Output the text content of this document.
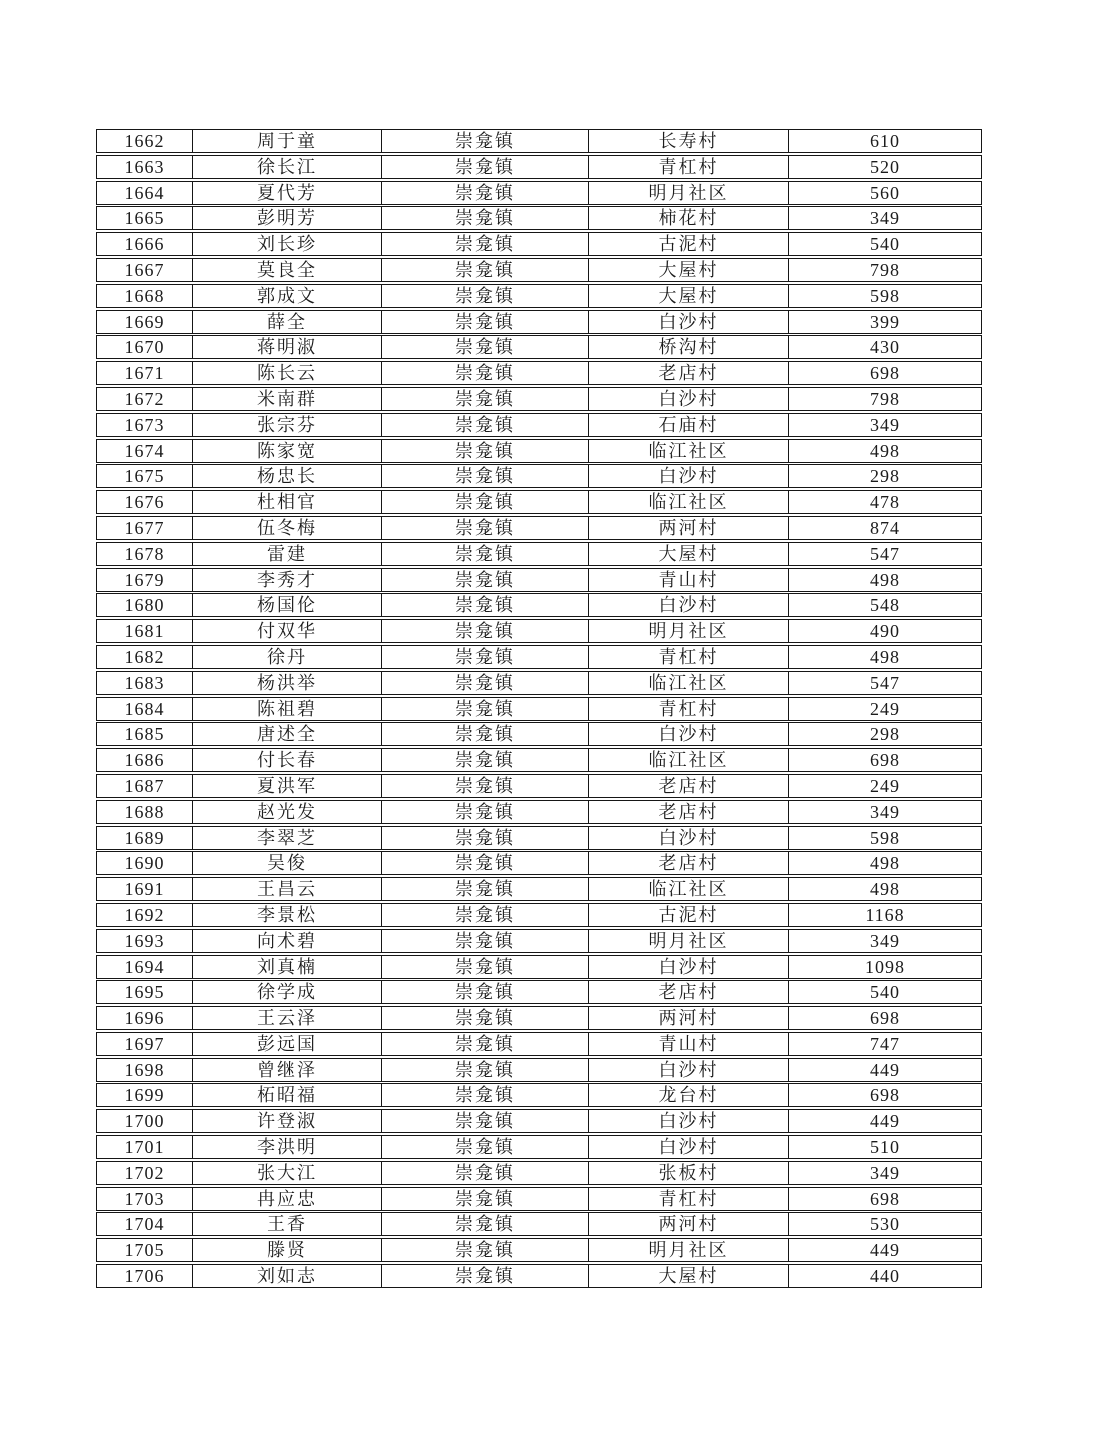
1662	周于童	崇龛镇	长寿村	610
1663	徐长江	崇龛镇	青杠村	520
1664	夏代芳	崇龛镇	明月社区	560
1665	彭明芳	崇龛镇	柿花村	349
1666	刘长珍	崇龛镇	古泥村	540
1667	莫良全	崇龛镇	大屋村	798
1668	郭成文	崇龛镇	大屋村	598
1669	薛全	崇龛镇	白沙村	399
1670	蒋明淑	崇龛镇	桥沟村	430
1671	陈长云	崇龛镇	老店村	698
1672	米南群	崇龛镇	白沙村	798
1673	张宗芬	崇龛镇	石庙村	349
1674	陈家宽	崇龛镇	临江社区	498
1675	杨忠长	崇龛镇	白沙村	298
1676	杜相官	崇龛镇	临江社区	478
1677	伍冬梅	崇龛镇	两河村	874
1678	雷建	崇龛镇	大屋村	547
1679	李秀才	崇龛镇	青山村	498
1680	杨国伦	崇龛镇	白沙村	548
1681	付双华	崇龛镇	明月社区	490
1682	徐丹	崇龛镇	青杠村	498
1683	杨洪举	崇龛镇	临江社区	547
1684	陈祖碧	崇龛镇	青杠村	249
1685	唐述全	崇龛镇	白沙村	298
1686	付长春	崇龛镇	临江社区	698
1687	夏洪军	崇龛镇	老店村	249
1688	赵光发	崇龛镇	老店村	349
1689	李翠芝	崇龛镇	白沙村	598
1690	吴俊	崇龛镇	老店村	498
1691	王昌云	崇龛镇	临江社区	498
1692	李景松	崇龛镇	古泥村	1168
1693	向术碧	崇龛镇	明月社区	349
1694	刘真楠	崇龛镇	白沙村	1098
1695	徐学成	崇龛镇	老店村	540
1696	王云泽	崇龛镇	两河村	698
1697	彭远国	崇龛镇	青山村	747
1698	曾继泽	崇龛镇	白沙村	449
1699	柘昭福	崇龛镇	龙台村	698
1700	许登淑	崇龛镇	白沙村	449
1701	李洪明	崇龛镇	白沙村	510
1702	张大江	崇龛镇	张板村	349
1703	冉应忠	崇龛镇	青杠村	698
1704	王香	崇龛镇	两河村	530
1705	滕贤	崇龛镇	明月社区	449
1706	刘如志	崇龛镇	大屋村	440
